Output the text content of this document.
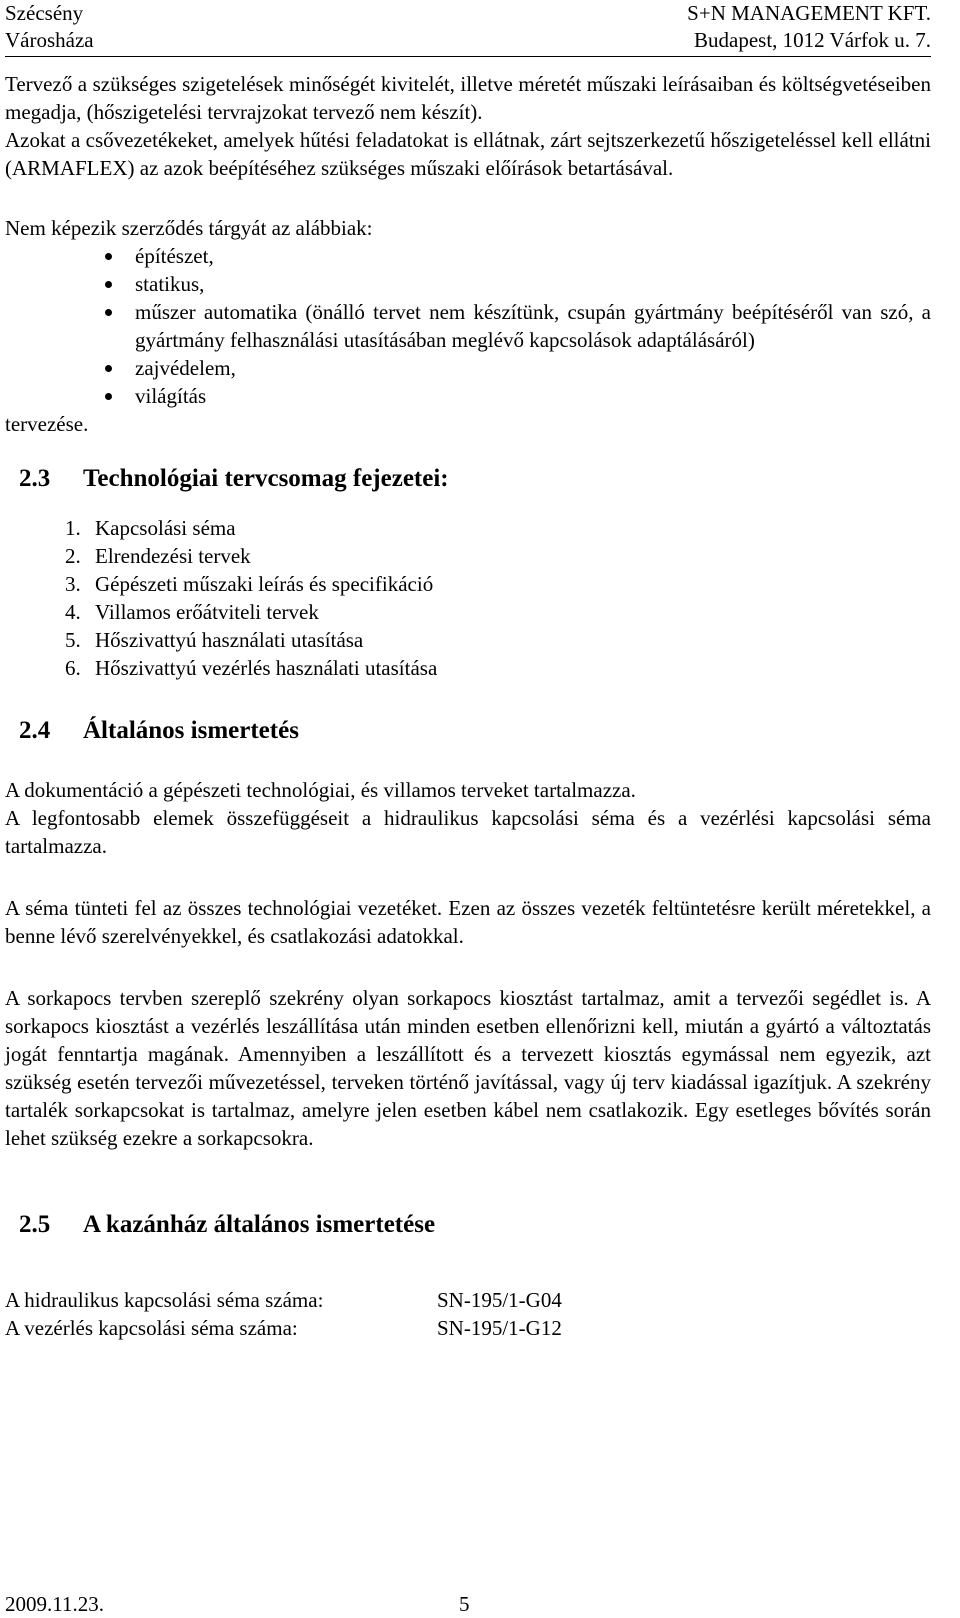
Szécsény
Városháza
S+N MANAGEMENT KFT.
Budapest, 1012 Várfok u. 7.

Tervező a szükséges szigetelések minőségét kivitelét, illetve méretét műszaki leírásaiban és költségvetéseiben megadja, (hőszigetelési tervrajzokat tervező nem készít).

Azokat a csővezetékeket, amelyek hűtési feladatokat is ellátnak, zárt sejtszerkezetű hőszigeteléssel kell ellátni (ARMAFLEX) az azok beépítéséhez szükséges műszaki előírások betartásával.

Nem képezik szerződés tárgyát az alábbiak:

építészet,
statikus,
műszer automatika (önálló tervet nem készítünk, csupán gyártmány beépítéséről van szó, a gyártmány felhasználási utasításában meglévő kapcsolások adaptálásáról)
zajvédelem,
világítás

tervezése.

2.3 Technológiai tervcsomag fejezetei:
1. Kapcsolási séma
2. Elrendezési tervek
3. Gépészeti műszaki leírás és specifikáció
4. Villamos erőátviteli tervek
5. Hőszivattyú használati utasítása
6. Hőszivattyú vezérlés használati utasítása
2.4 Általános ismertetés

A dokumentáció a gépészeti technológiai, és villamos terveket tartalmazza.

A legfontosabb elemek összefüggéseit a hidraulikus kapcsolási séma és a vezérlési kapcsolási séma tartalmazza.

A séma tünteti fel az összes technológiai vezetéket. Ezen az összes vezeték feltüntetésre került méretekkel, a benne lévő szerelvényekkel, és csatlakozási adatokkal.

A sorkapocs tervben szereplő szekrény olyan sorkapocs kiosztást tartalmaz, amit a tervezői segédlet is. A sorkapocs kiosztást a vezérlés leszállítása után minden esetben ellenőrizni kell, miután a gyártó a változtatás jogát fenntartja magának. Amennyiben a leszállított és a tervezett kiosztás egymással nem egyezik, azt szükség esetén tervezői művezetéssel, terveken történő javítással, vagy új terv kiadással igazítjuk. A szekrény tartalék sorkapcsokat is tartalmaz, amelyre jelen esetben kábel nem csatlakozik. Egy esetleges bővítés során lehet szükség ezekre a sorkapcsokra.

2.5 A kazánház általános ismertetése
A hidraulikus kapcsolási séma száma:	SN-195/1-G04
A vezérlés kapcsolási séma száma:	SN-195/1-G12
2009.11.23.	5
